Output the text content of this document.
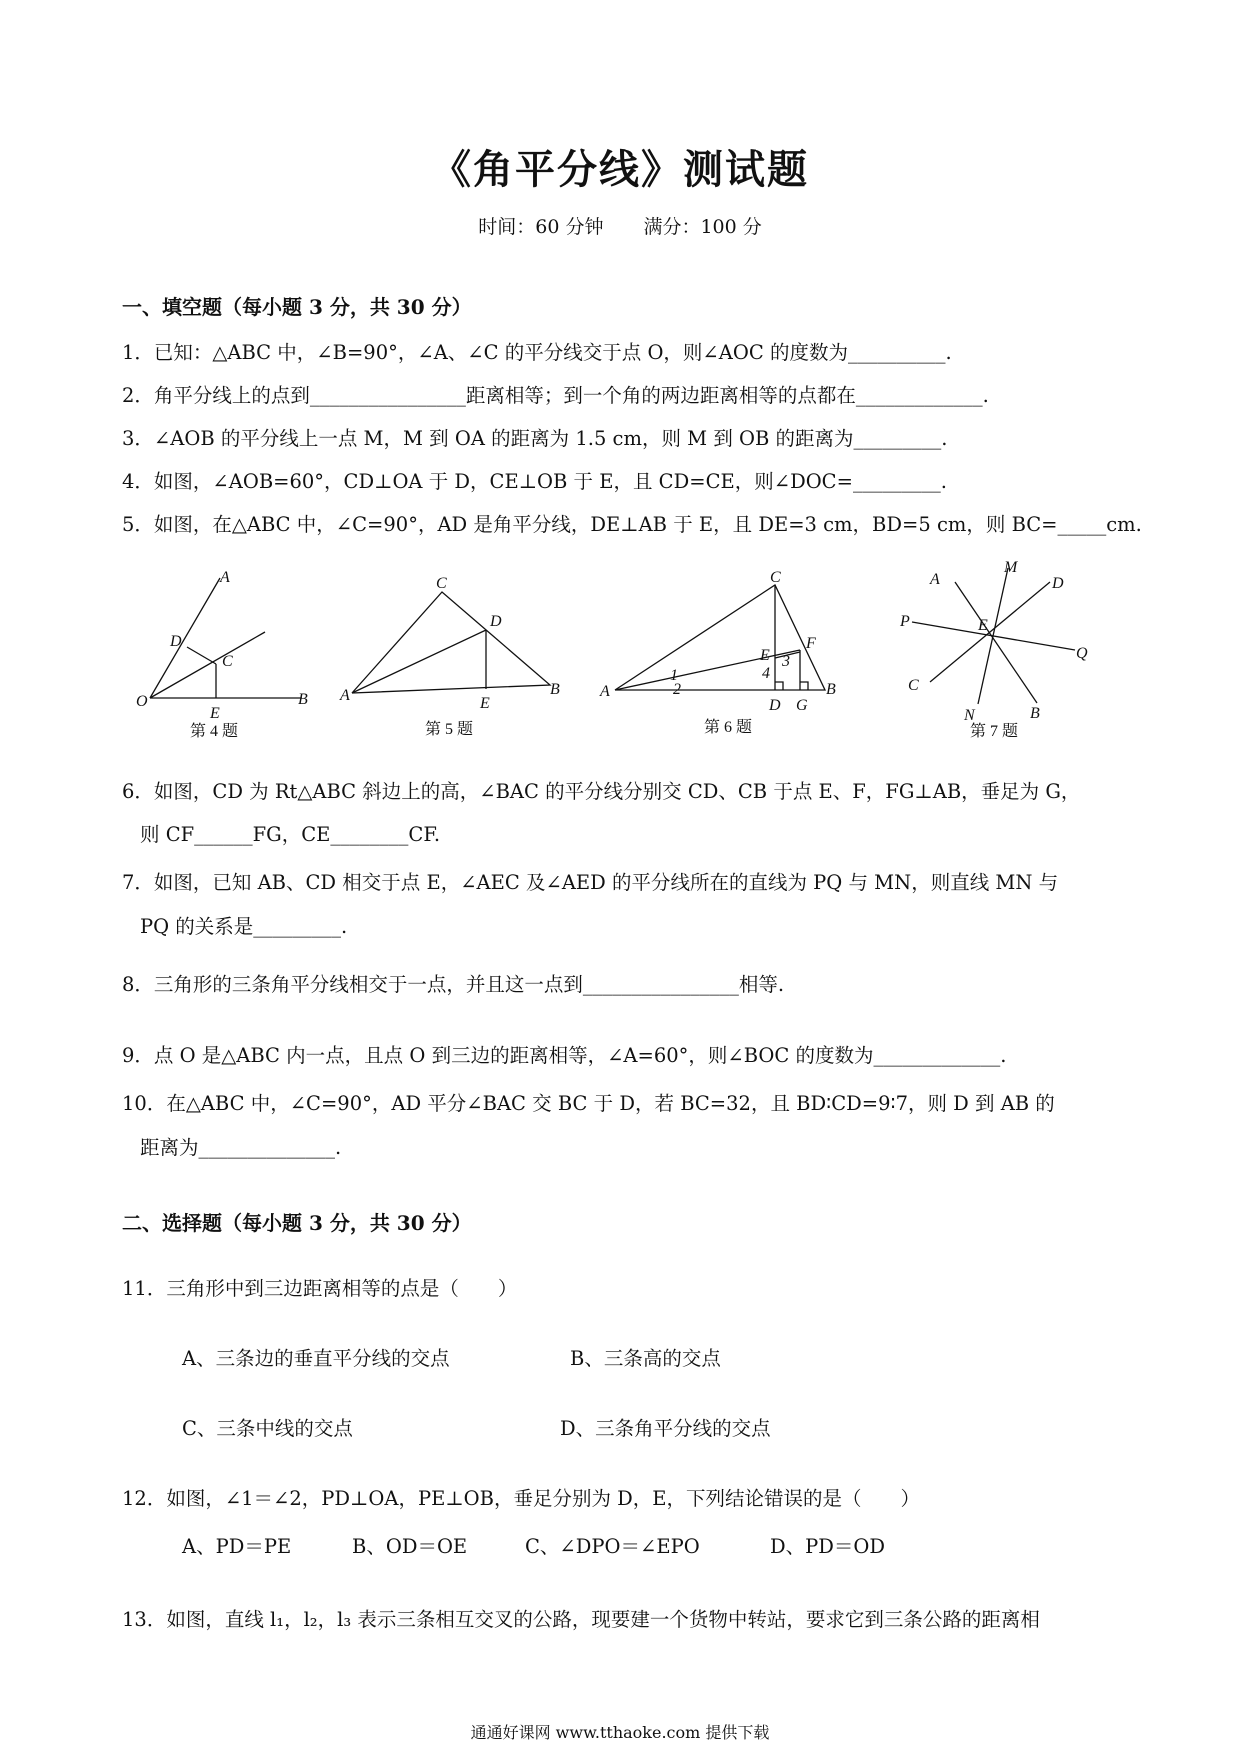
《角平分线》测试题
时间：60 分钟 满分：100 分
一、填空题（每小题 3 分，共 30 分）
1．已知：△ABC 中，∠B=90°，∠A、∠C 的平分线交于点 O，则∠AOC 的度数为__________.
2．角平分线上的点到________________距离相等；到一个角的两边距离相等的点都在_____________.
3．∠AOB 的平分线上一点 M，M 到 OA 的距离为 1.5 cm，则 M 到 OB 的距离为_________.
4．如图，∠AOB=60°，CD⊥OA 于 D，CE⊥OB 于 E，且 CD=CE，则∠DOC=_________.
5．如图，在△ABC 中，∠C=90°，AD 是角平分线，DE⊥AB 于 E，且 DE=3 cm，BD=5 cm，则 BC=_____cm.
A
D
C
O
E
B
第 4 题
C
D
A	E
B
第 5 题
C
E
F
3
4
1
2
A
D G
B
第 6 题
A
M
D
P	E
Q
C
N	B
第 7 题
6．如图，CD 为 Rt△ABC 斜边上的高，∠BAC 的平分线分别交 CD、CB 于点 E、F，FG⊥AB，垂足为 G，
则 CF______FG，CE________CF.
7．如图，已知 AB、CD 相交于点 E，∠AEC 及∠AED 的平分线所在的直线为 PQ 与 MN，则直线 MN 与
PQ 的关系是_________.
8．三角形的三条角平分线相交于一点，并且这一点到________________相等.
9．点 O 是△ABC 内一点，且点 O 到三边的距离相等，∠A=60°，则∠BOC 的度数为_____________.
10．在△ABC 中，∠C=90°，AD 平分∠BAC 交 BC 于 D，若 BC=32，且 BD∶CD=9∶7，则 D 到 AB 的
距离为______________.
二、选择题（每小题 3 分，共 30 分）
11．三角形中到三边距离相等的点是（　　）
A、三条边的垂直平分线的交点	B、三条高的交点
C、三条中线的交点	D、三条角平分线的交点
12．如图，∠1＝∠2，PD⊥OA，PE⊥OB，垂足分别为 D，E，下列结论错误的是（　　）
A、PD＝PE	B、OD＝OE	C、∠DPO＝∠EPO	D、PD＝OD
13．如图，直线 l₁，l₂，l₃ 表示三条相互交叉的公路，现要建一个货物中转站，要求它到三条公路的距离相
通通好课网 www.tthaoke.com 提供下载
